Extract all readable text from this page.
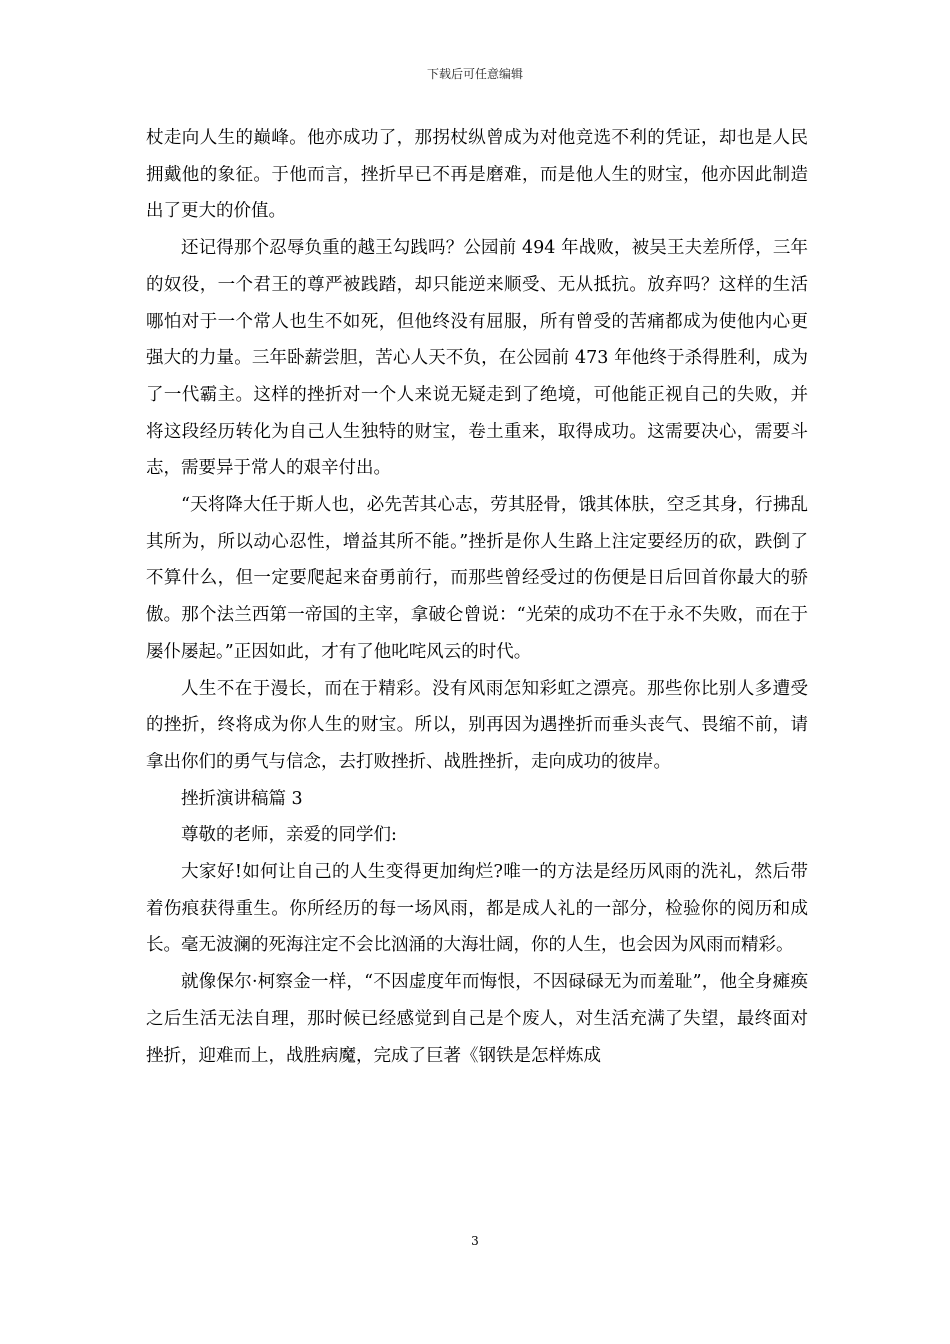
下载后可任意编辑

杖走向人生的巅峰。他亦成功了，那拐杖纵曾成为对他竞选不利的凭证，却也是人民拥戴他的象征。于他而言，挫折早已不再是磨难，而是他人生的财宝，他亦因此制造出了更大的价值。

还记得那个忍辱负重的越王勾践吗？公园前 494 年战败，被吴王夫差所俘，三年的奴役，一个君王的尊严被践踏，却只能逆来顺受、无从抵抗。放弃吗？这样的生活哪怕对于一个常人也生不如死，但他终没有屈服，所有曾受的苦痛都成为使他内心更强大的力量。三年卧薪尝胆，苦心人天不负，在公园前 473 年他终于杀得胜利，成为了一代霸主。这样的挫折对一个人来说无疑走到了绝境，可他能正视自己的失败，并将这段经历转化为自己人生独特的财宝，卷土重来，取得成功。这需要决心，需要斗志，需要异于常人的艰辛付出。

“天将降大任于斯人也，必先苦其心志，劳其胫骨，饿其体肤，空乏其身，行拂乱其所为，所以动心忍性，增益其所不能。”挫折是你人生路上注定要经历的砍，跌倒了不算什么，但一定要爬起来奋勇前行，而那些曾经受过的伤便是日后回首你最大的骄傲。那个法兰西第一帝国的主宰，拿破仑曾说：“光荣的成功不在于永不失败，而在于屡仆屡起。”正因如此，才有了他叱咤风云的时代。

人生不在于漫长，而在于精彩。没有风雨怎知彩虹之漂亮。那些你比别人多遭受的挫折，终将成为你人生的财宝。所以，别再因为遇挫折而垂头丧气、畏缩不前，请拿出你们的勇气与信念，去打败挫折、战胜挫折，走向成功的彼岸。

挫折演讲稿篇 3

尊敬的老师，亲爱的同学们:

大家好!如何让自己的人生变得更加绚烂?唯一的方法是经历风雨的洗礼，然后带着伤痕获得重生。你所经历的每一场风雨，都是成人礼的一部分，检验你的阅历和成长。毫无波澜的死海注定不会比汹涌的大海壮阔，你的人生，也会因为风雨而精彩。

就像保尔·柯察金一样，“不因虚度年而悔恨，不因碌碌无为而羞耻”，他全身瘫痪之后生活无法自理，那时候已经感觉到自己是个废人，对生活充满了失望，最终面对挫折，迎难而上，战胜病魔，完成了巨著《钢铁是怎样炼成

3
